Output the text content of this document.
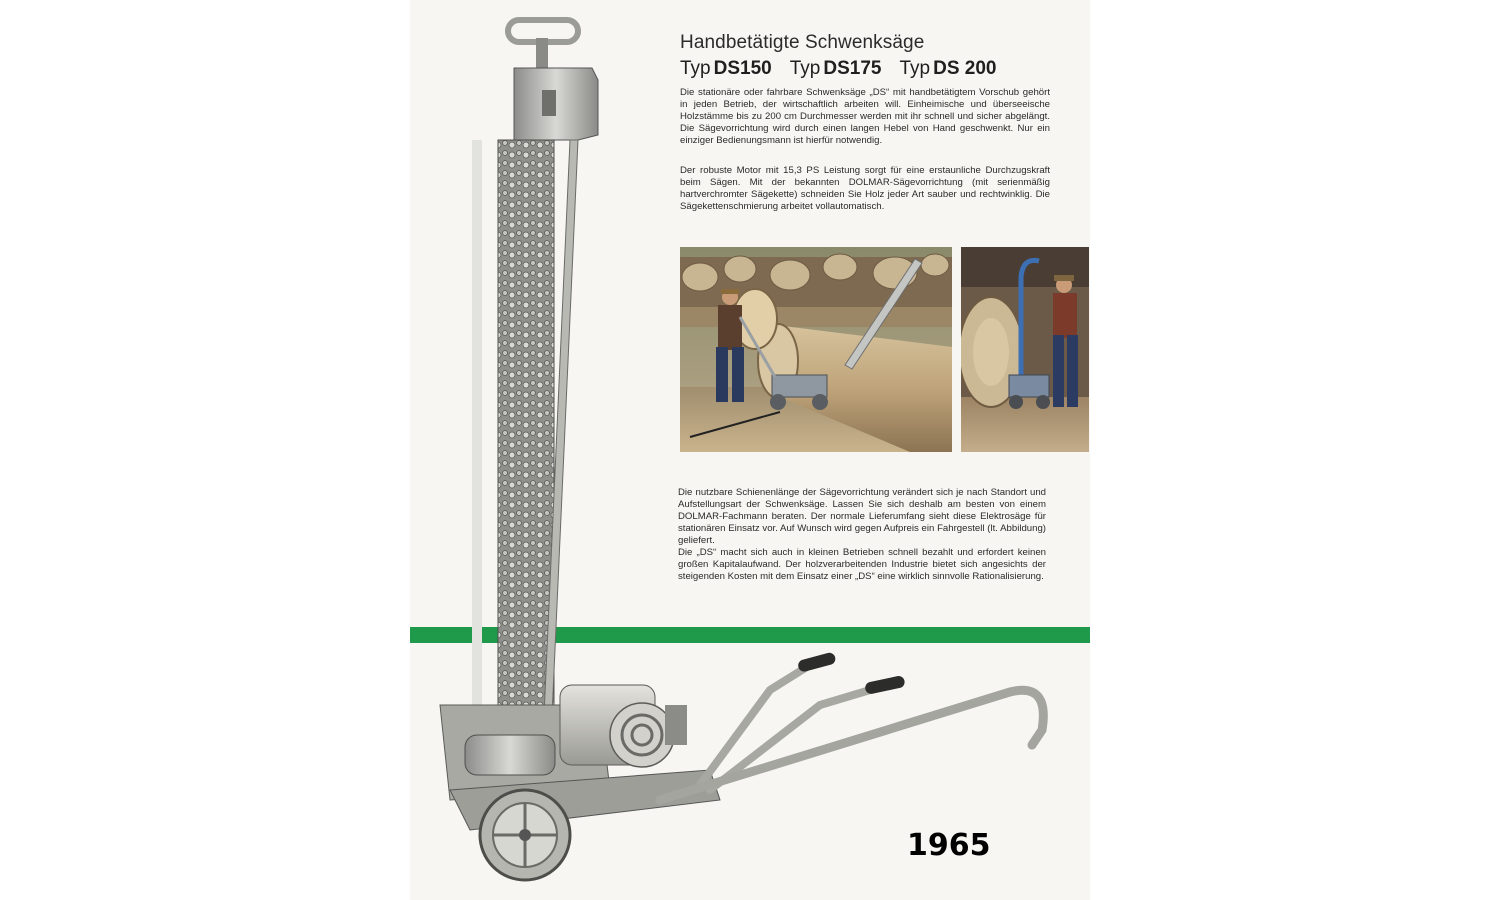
Handbetätigte Schwenksäge
Typ DS150 Typ DS175 Typ DS 200

Die stationäre oder fahrbare Schwenksäge „DS“ mit handbetätigtem Vorschub gehört in jeden Betrieb, der wirtschaftlich arbeiten will. Einheimische und überseeische Holzstämme bis zu 200 cm Durchmesser werden mit ihr schnell und sicher abgelängt. Die Sägevorrichtung wird durch einen langen Hebel von Hand geschwenkt. Nur ein einziger Bedienungsmann ist hierfür notwendig.

Der robuste Motor mit 15,3 PS Leistung sorgt für eine erstaunliche Durchzugskraft beim Sägen. Mit der bekannten DOLMAR-Sägevorrichtung (mit serienmäßig hartverchromter Sägekette) schneiden Sie Holz jeder Art sauber und rechtwinklig. Die Sägekettenschmierung arbeitet vollautomatisch.

Die nutzbare Schienenlänge der Sägevorrichtung verändert sich je nach Standort und Aufstellungsart der Schwenksäge. Lassen Sie sich deshalb am besten von einem DOLMAR-Fachmann beraten. Der normale Lieferumfang sieht diese Elektrosäge für stationären Einsatz vor. Auf Wunsch wird gegen Aufpreis ein Fahrgestell (lt. Abbildung) geliefert.

Die „DS“ macht sich auch in kleinen Betrieben schnell bezahlt und erfordert keinen großen Kapitalaufwand. Der holzverarbeitenden Industrie bietet sich angesichts der steigenden Kosten mit dem Einsatz einer „DS“ eine wirklich sinnvolle Rationalisierung.

1965
